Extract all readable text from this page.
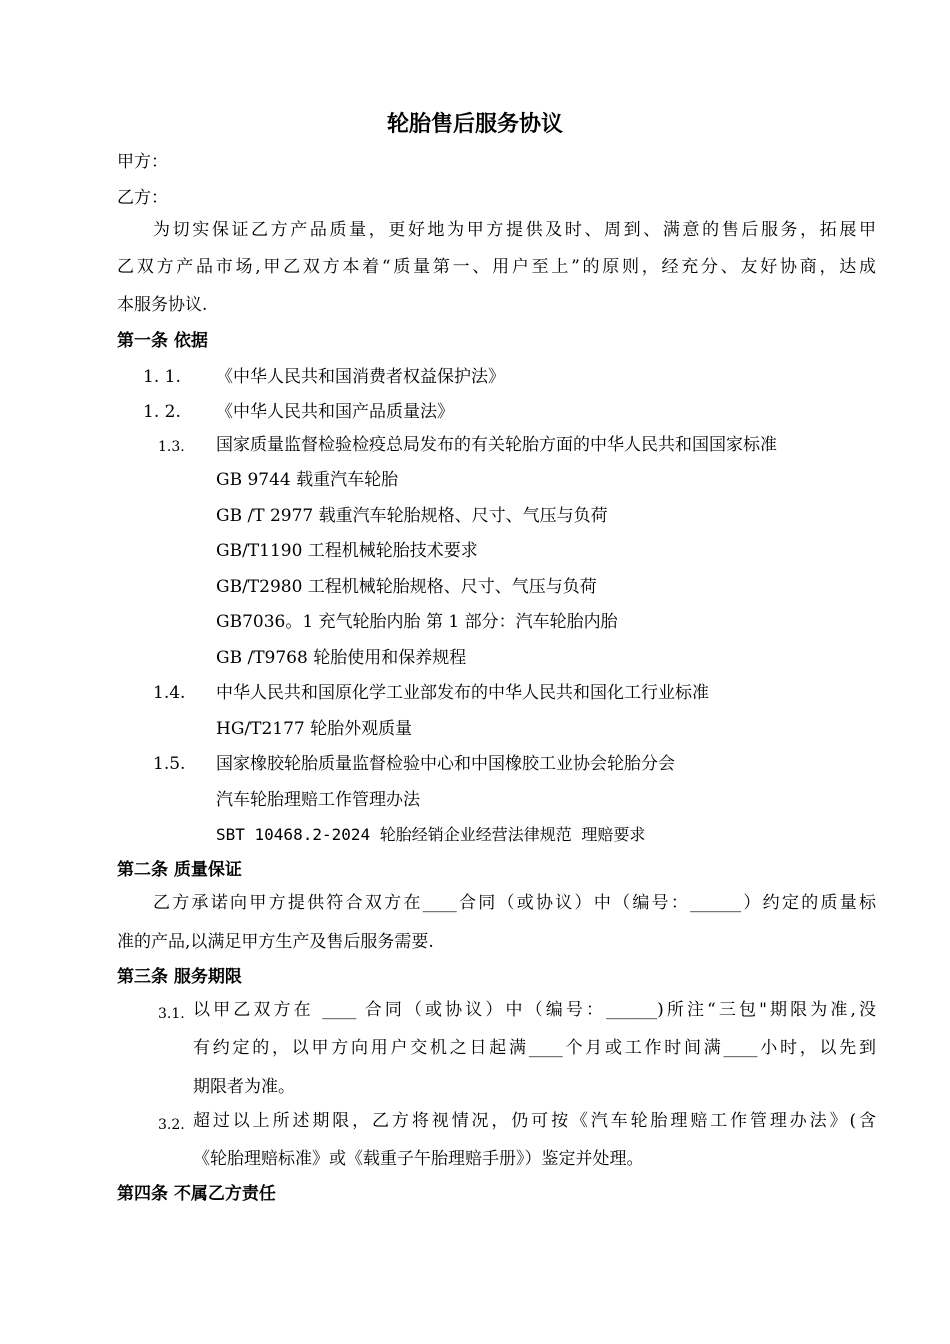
轮胎售后服务协议
甲方：
乙方：
为切实保证乙方产品质量，更好地为甲方提供及时、周到、满意的售后服务，拓展甲
乙双方产品市场,甲乙双方本着“质量第一、用户至上”的原则，经充分、友好协商，达成
本服务协议.
第一条 依据
1. 1. 《中华人民共和国消费者权益保护法》
1. 2. 《中华人民共和国产品质量法》
1.3. 国家质量监督检验检疫总局发布的有关轮胎方面的中华人民共和国国家标准
GB 9744 载重汽车轮胎
GB /T 2977 载重汽车轮胎规格、尺寸、气压与负荷
GB/T1190 工程机械轮胎技术要求
GB/T2980 工程机械轮胎规格、尺寸、气压与负荷
GB7036。1 充气轮胎内胎 第 1 部分：汽车轮胎内胎
GB /T9768 轮胎使用和保养规程
1.4. 中华人民共和国原化学工业部发布的中华人民共和国化工行业标准
HG/T2177 轮胎外观质量
1.5. 国家橡胶轮胎质量监督检验中心和中国橡胶工业协会轮胎分会
汽车轮胎理赔工作管理办法
SBT 10468.2-2024 轮胎经销企业经营法律规范 理赔要求
第二条 质量保证
乙方承诺向甲方提供符合双方在____合同（或协议）中（编号：______）约定的质量标
准的产品,以满足甲方生产及售后服务需要.
第三条 服务期限
3.1. 以甲乙双方在 ____ 合同（或协议）中（编号：______)所注“三包"期限为准,没
有约定的，以甲方向用户交机之日起满____个月或工作时间满____小时，以先到
期限者为准。
3.2. 超过以上所述期限，乙方将视情况，仍可按《汽车轮胎理赔工作管理办法》(含
《轮胎理赔标准》或《载重子午胎理赔手册》）鉴定并处理。
第四条 不属乙方责任
